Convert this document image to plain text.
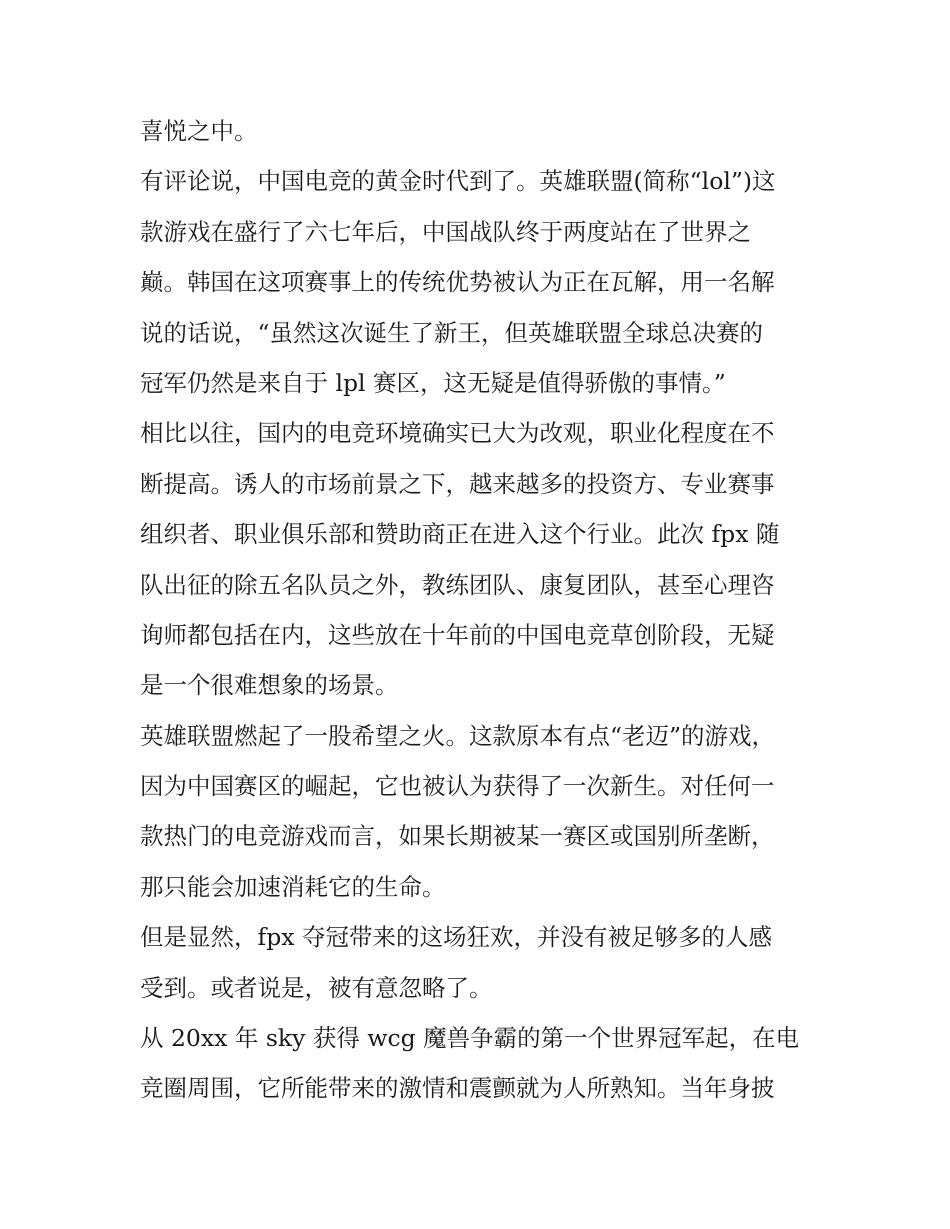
喜悦之中。
有评论说，中国电竞的黄金时代到了。英雄联盟(简称“lol”)这
款游戏在盛行了六七年后，中国战队终于两度站在了世界之
巅。韩国在这项赛事上的传统优势被认为正在瓦解，用一名解
说的话说，“虽然这次诞生了新王，但英雄联盟全球总决赛的
冠军仍然是来自于 lpl 赛区，这无疑是值得骄傲的事情。”
相比以往，国内的电竞环境确实已大为改观，职业化程度在不
断提高。诱人的市场前景之下，越来越多的投资方、专业赛事
组织者、职业俱乐部和赞助商正在进入这个行业。此次 fpx 随
队出征的除五名队员之外，教练团队、康复团队，甚至心理咨
询师都包括在内，这些放在十年前的中国电竞草创阶段，无疑
是一个很难想象的场景。
英雄联盟燃起了一股希望之火。这款原本有点“老迈”的游戏，
因为中国赛区的崛起，它也被认为获得了一次新生。对任何一
款热门的电竞游戏而言，如果长期被某一赛区或国别所垄断，
那只能会加速消耗它的生命。
但是显然，fpx 夺冠带来的这场狂欢，并没有被足够多的人感
受到。或者说是，被有意忽略了。
从 20xx 年 sky 获得 wcg 魔兽争霸的第一个世界冠军起，在电
竞圈周围，它所能带来的激情和震颤就为人所熟知。当年身披
